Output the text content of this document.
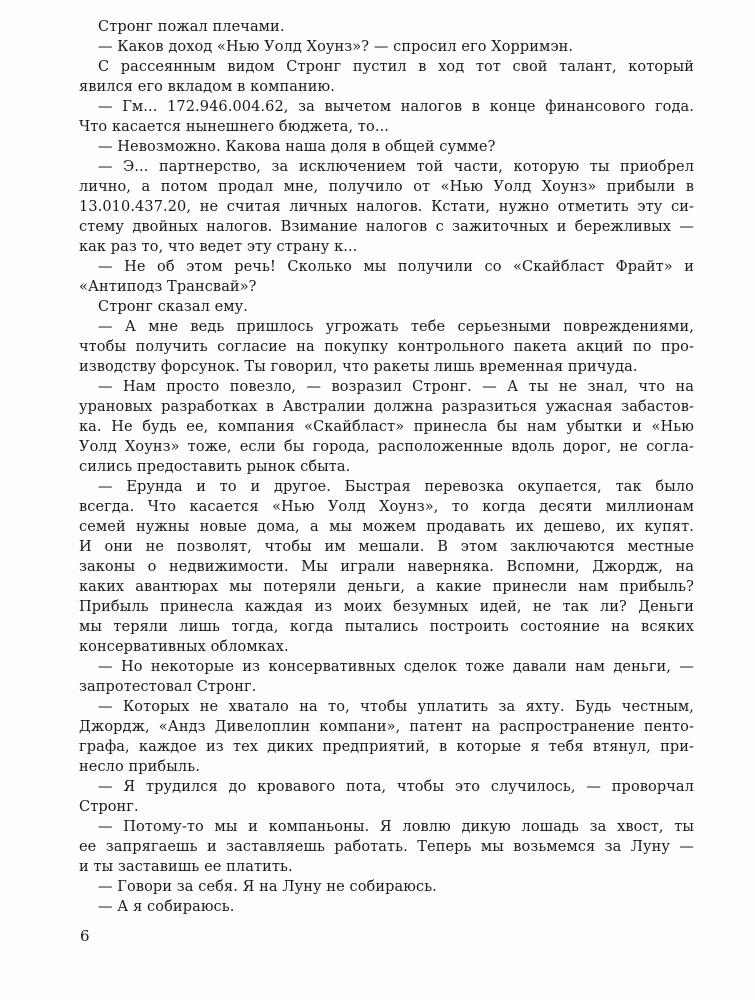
Стронг пожал плечами.
— Каков доход «Нью Уолд Хоунз»? — спросил его Хорримэн.
С рассеянным видом Стронг пустил в ход тот свой талант, который
явился его вкладом в компанию.
— Гм... 172.946.004.62, за вычетом налогов в конце финансового года.
Что касается нынешнего бюджета, то...
— Невозможно. Какова наша доля в общей сумме?
— Э... партнерство, за исключением той части, которую ты приобрел
лично, а потом продал мне, получило от «Нью Уолд Хоунз» прибыли в
13.010.437.20, не считая личных налогов. Кстати, нужно отметить эту си-
стему двойных налогов. Взимание налогов с зажиточных и бережливых —
как раз то, что ведет эту страну к...
— Не об этом речь! Сколько мы получили со «Скайбласт Фрайт» и
«Антиподз Трансвай»?
Стронг сказал ему.
— А мне ведь пришлось угрожать тебе серьезными повреждениями,
чтобы получить согласие на покупку контрольного пакета акций по про-
изводству форсунок. Ты говорил, что ракеты лишь временная причуда.
— Нам просто повезло, — возразил Стронг. — А ты не знал, что на
урановых разработках в Австралии должна разразиться ужасная забастов-
ка. Не будь ее, компания «Скайбласт» принесла бы нам убытки и «Нью
Уолд Хоунз» тоже, если бы города, расположенные вдоль дорог, не согла-
сились предоставить рынок сбыта.
— Ерунда и то и другое. Быстрая перевозка окупается, так было
всегда. Что касается «Нью Уолд Хоунз», то когда десяти миллионам
семей нужны новые дома, а мы можем продавать их дешево, их купят.
И они не позволят, чтобы им мешали. В этом заключаются местные
законы о недвижимости. Мы играли наверняка. Вспомни, Джордж, на
каких авантюрах мы потеряли деньги, а какие принесли нам прибыль?
Прибыль принесла каждая из моих безумных идей, не так ли? Деньги
мы теряли лишь тогда, когда пытались построить состояние на всяких
консервативных обломках.
— Но некоторые из консервативных сделок тоже давали нам деньги, —
запротестовал Стронг.
— Которых не хватало на то, чтобы уплатить за яхту. Будь честным,
Джордж, «Андз Дивелоплин компани», патент на распространение пенто-
графа, каждое из тех диких предприятий, в которые я тебя втянул, при-
несло прибыль.
— Я трудился до кровавого пота, чтобы это случилось, — проворчал
Стронг.
— Потому-то мы и компаньоны. Я ловлю дикую лошадь за хвост, ты
ее запрягаешь и заставляешь работать. Теперь мы возьмемся за Луну —
и ты заставишь ее платить.
— Говори за себя. Я на Луну не собираюсь.
— А я собираюсь.
6
